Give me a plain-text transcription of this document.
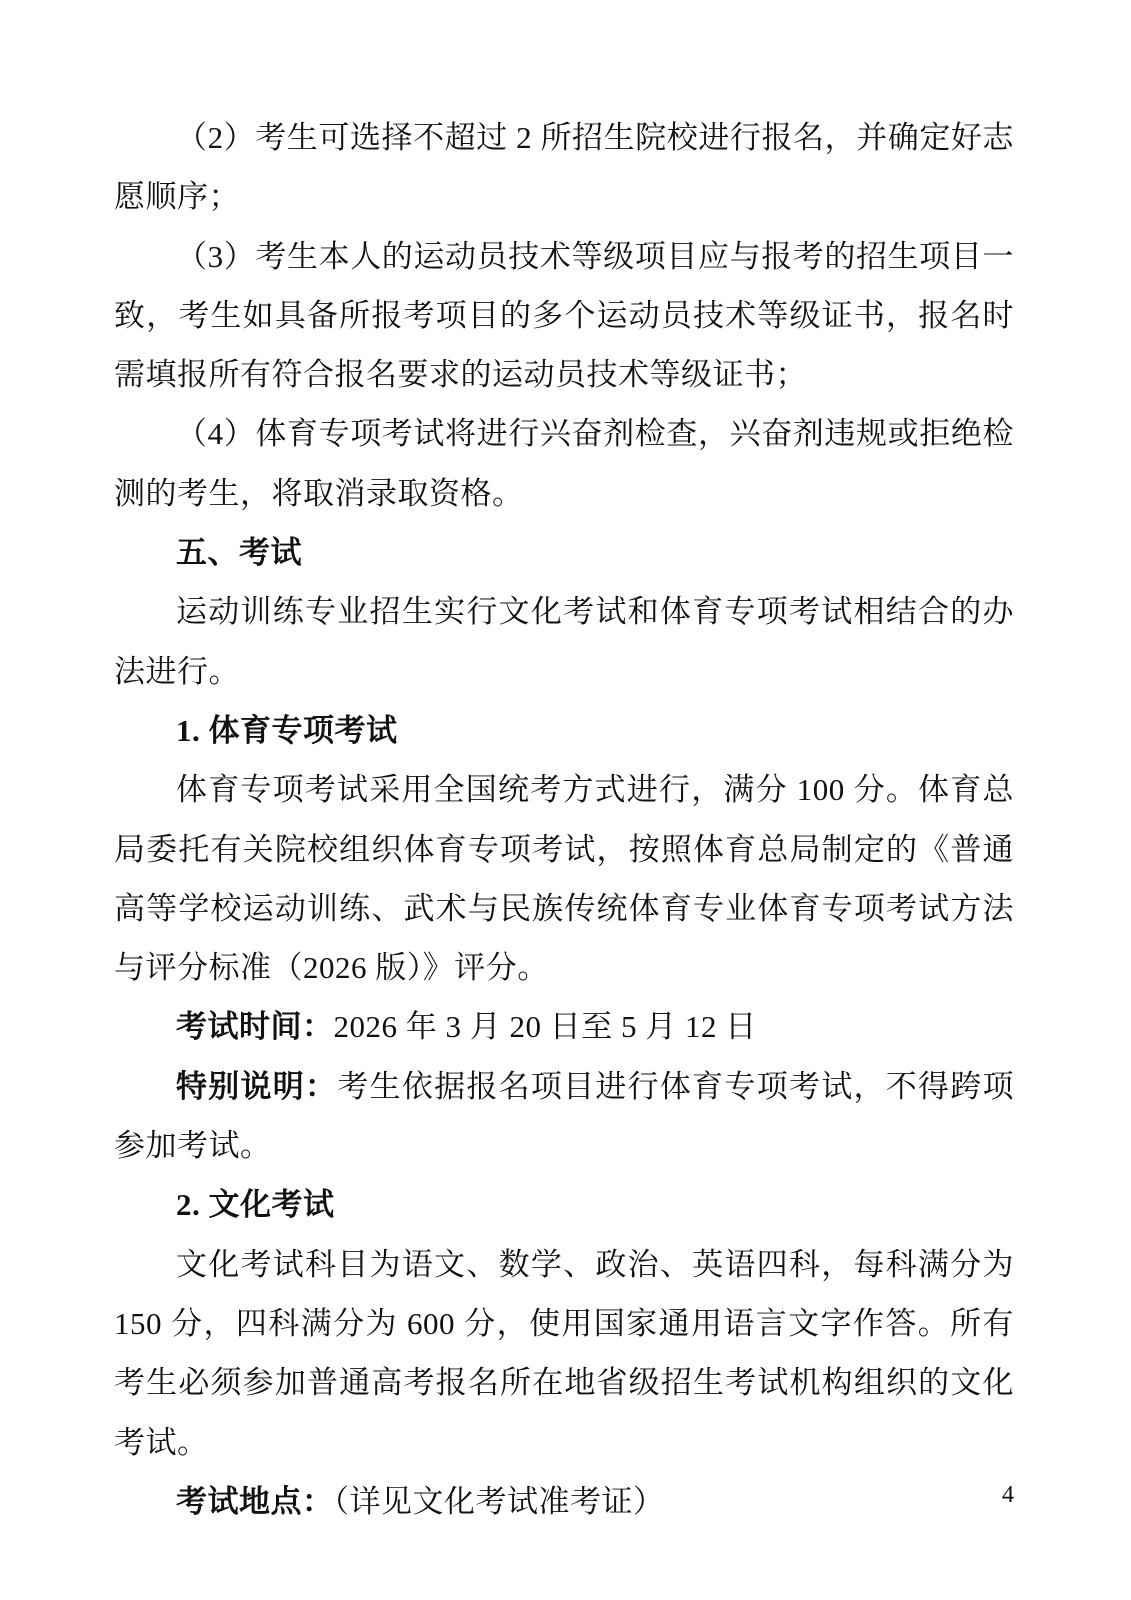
（2）考生可选择不超过 2 所招生院校进行报名，并确定好志愿顺序；

（3）考生本人的运动员技术等级项目应与报考的招生项目一致，考生如具备所报考项目的多个运动员技术等级证书，报名时需填报所有符合报名要求的运动员技术等级证书；

（4）体育专项考试将进行兴奋剂检查，兴奋剂违规或拒绝检测的考生，将取消录取资格。

五、考试

运动训练专业招生实行文化考试和体育专项考试相结合的办法进行。

1. 体育专项考试

体育专项考试采用全国统考方式进行，满分 100 分。体育总局委托有关院校组织体育专项考试，按照体育总局制定的《普通高等学校运动训练、武术与民族传统体育专业体育专项考试方法与评分标准（2026 版）》评分。

考试时间：2026 年 3 月 20 日至 5 月 12 日

特别说明：考生依据报名项目进行体育专项考试，不得跨项参加考试。

2. 文化考试

文化考试科目为语文、数学、政治、英语四科，每科满分为 150 分，四科满分为 600 分，使用国家通用语言文字作答。所有考生必须参加普通高考报名所在地省级招生考试机构组织的文化考试。

考试地点：（详见文化考试准考证）	4
